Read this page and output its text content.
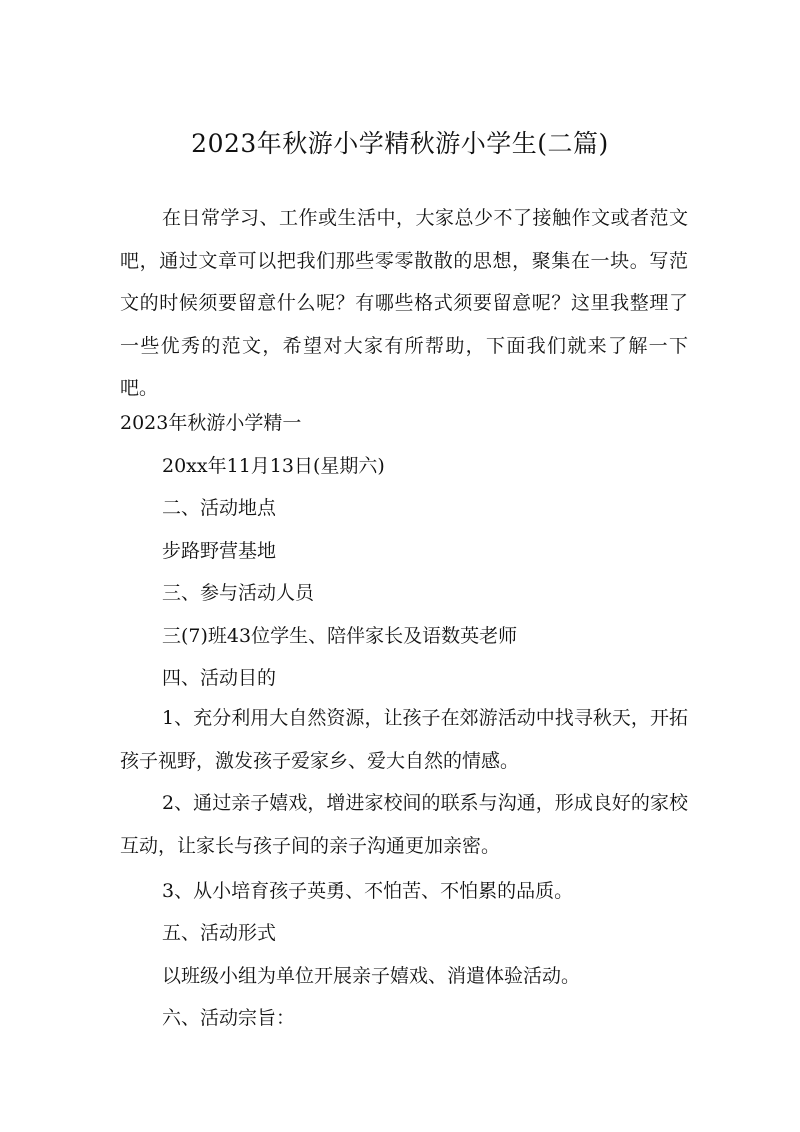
2023年秋游小学精秋游小学生(二篇)

在日常学习、工作或生活中，大家总少不了接触作文或者范文吧，通过文章可以把我们那些零零散散的思想，聚集在一块。写范文的时候须要留意什么呢？有哪些格式须要留意呢？这里我整理了一些优秀的范文，希望对大家有所帮助，下面我们就来了解一下吧。

2023年秋游小学精一

20xx年11月13日(星期六)

二、活动地点

步路野营基地

三、参与活动人员

三(7)班43位学生、陪伴家长及语数英老师

四、活动目的

1、充分利用大自然资源，让孩子在郊游活动中找寻秋天，开拓孩子视野，激发孩子爱家乡、爱大自然的情感。

2、通过亲子嬉戏，增进家校间的联系与沟通，形成良好的家校互动，让家长与孩子间的亲子沟通更加亲密。

3、从小培育孩子英勇、不怕苦、不怕累的品质。

五、活动形式

以班级小组为单位开展亲子嬉戏、消遣体验活动。

六、活动宗旨：
